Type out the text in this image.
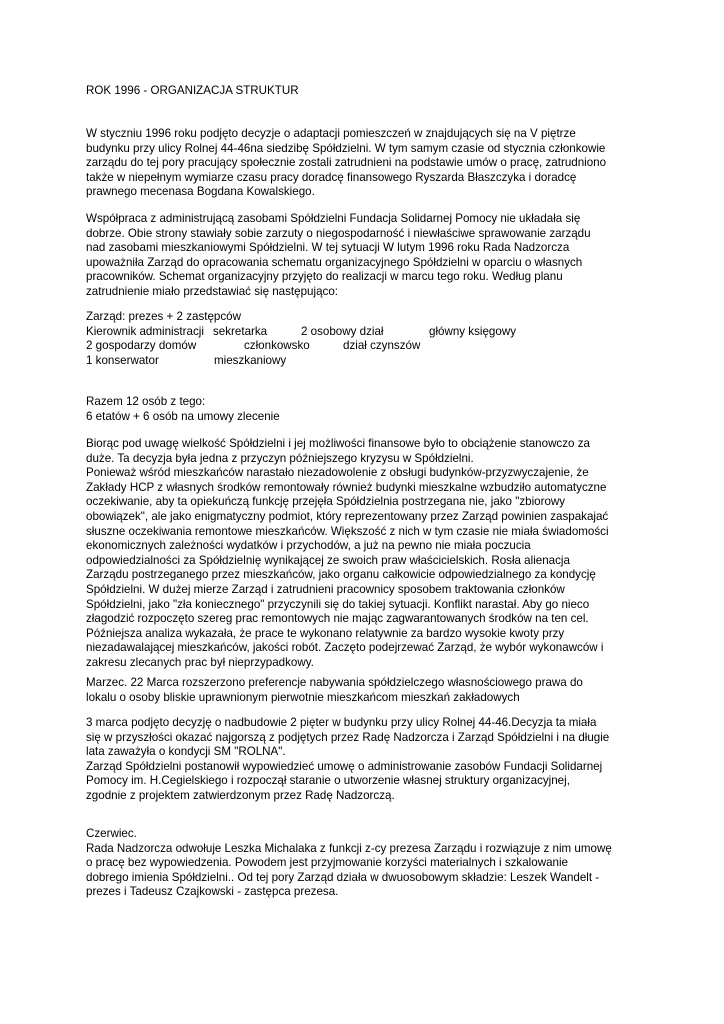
ROK 1996 - ORGANIZACJA STRUKTUR

W styczniu 1996 roku podjęto decyzje o adaptacji pomieszczeń w znajdujących się na V piętrze

budynku przy ulicy Rolnej 44-46na siedzibę Spółdzielni. W tym samym czasie od stycznia członkowie

zarządu do tej pory pracujący społecznie zostali zatrudnieni na podstawie umów o pracę, zatrudniono

także w niepełnym wymiarze czasu pracy doradcę finansowego Ryszarda Błaszczyka i doradcę

prawnego mecenasa Bogdana Kowalskiego.

Współpraca z administrującą zasobami Spółdzielni Fundacja Solidarnej Pomocy nie układała się

dobrze. Obie strony stawiały sobie zarzuty o niegospodarność i niewłaściwe sprawowanie zarządu

nad zasobami mieszkaniowymi Spółdzielni. W tej sytuacji W lutym 1996 roku Rada Nadzorcza

upoważniła Zarząd do opracowania schematu organizacyjnego Spółdzielni w oparciu o własnych

pracowników. Schemat organizacyjny przyjęto do realizacji w marcu tego roku. Według planu

zatrudnienie miało przedstawiać się następująco:

Zarząd: prezes + 2 zastępców

Kierownik administracji sekretarka	2 osobowy dział	główny księgowy
2 gospodarzy domów	członkowsko	dział czynszów
1 konserwator	mieszkaniowy

Razem 12 osób z tego:

6 etatów + 6 osób na umowy zlecenie

Biorąc pod uwagę wielkość Spółdzielni i jej możliwości finansowe było to obciążenie stanowczo za

duże. Ta decyzja była jedna z przyczyn późniejszego kryzysu w Spółdzielni.

Ponieważ wśród mieszkańców narastało niezadowolenie z obsługi budynków-przyzwyczajenie, że

Zakłady HCP z własnych środków remontowały również budynki mieszkalne wzbudziło automatyczne

oczekiwanie, aby ta opiekuńczą funkcję przejęła Spółdzielnia postrzegana nie, jako "zbiorowy

obowiązek", ale jako enigmatyczny podmiot, który reprezentowany przez Zarząd powinien zaspakajać

słuszne oczekiwania remontowe mieszkańców. Większość z nich w tym czasie nie miała świadomości

ekonomicznych zależności wydatków i przychodów, a już na pewno nie miała poczucia

odpowiedzialności za Spółdzielnię wynikającej ze swoich praw właścicielskich. Rosła alienacja

Zarządu postrzeganego przez mieszkańców, jako organu całkowicie odpowiedzialnego za kondycję

Spółdzielni. W dużej mierze Zarząd i zatrudnieni pracownicy sposobem traktowania członków

Spółdzielni, jako "zła koniecznego" przyczynili się do takiej sytuacji. Konflikt narastał. Aby go nieco

złagodzić rozpoczęto szereg prac remontowych nie mając zagwarantowanych środków na ten cel.

Późniejsza analiza wykazała, że prace te wykonano relatywnie za bardzo wysokie kwoty przy

niezadawalającej mieszkańców, jakości robót. Zaczęto podejrzewać Zarząd, że wybór wykonawców i

zakresu zlecanych prac był nieprzypadkowy.

Marzec. 22 Marca rozszerzono preferencje nabywania spółdzielczego własnościowego prawa do

lokalu o osoby bliskie uprawnionym pierwotnie mieszkańcom mieszkań zakładowych

3 marca podjęto decyzję o nadbudowie 2 pięter w budynku przy ulicy Rolnej 44-46.Decyzja ta miała

się w przyszłości okazać najgorszą z podjętych przez Radę Nadzorcza i Zarząd Spółdzielni i na długie

lata zaważyła o kondycji SM "ROLNA".

Zarząd Spółdzielni postanowił wypowiedzieć umowę o administrowanie zasobów Fundacji Solidarnej

Pomocy im. H.Cegielskiego i rozpoczął staranie o utworzenie własnej struktury organizacyjnej,

zgodnie z projektem zatwierdzonym przez Radę Nadzorczą.

Czerwiec.

Rada Nadzorcza odwołuje Leszka Michalaka z funkcji z-cy prezesa Zarządu i rozwiązuje z nim umowę

o pracę bez wypowiedzenia. Powodem jest przyjmowanie korzyści materialnych i szkalowanie

dobrego imienia Spółdzielni.. Od tej pory Zarząd działa w dwuosobowym składzie: Leszek Wandelt -

prezes i Tadeusz Czajkowski - zastępca prezesa.
